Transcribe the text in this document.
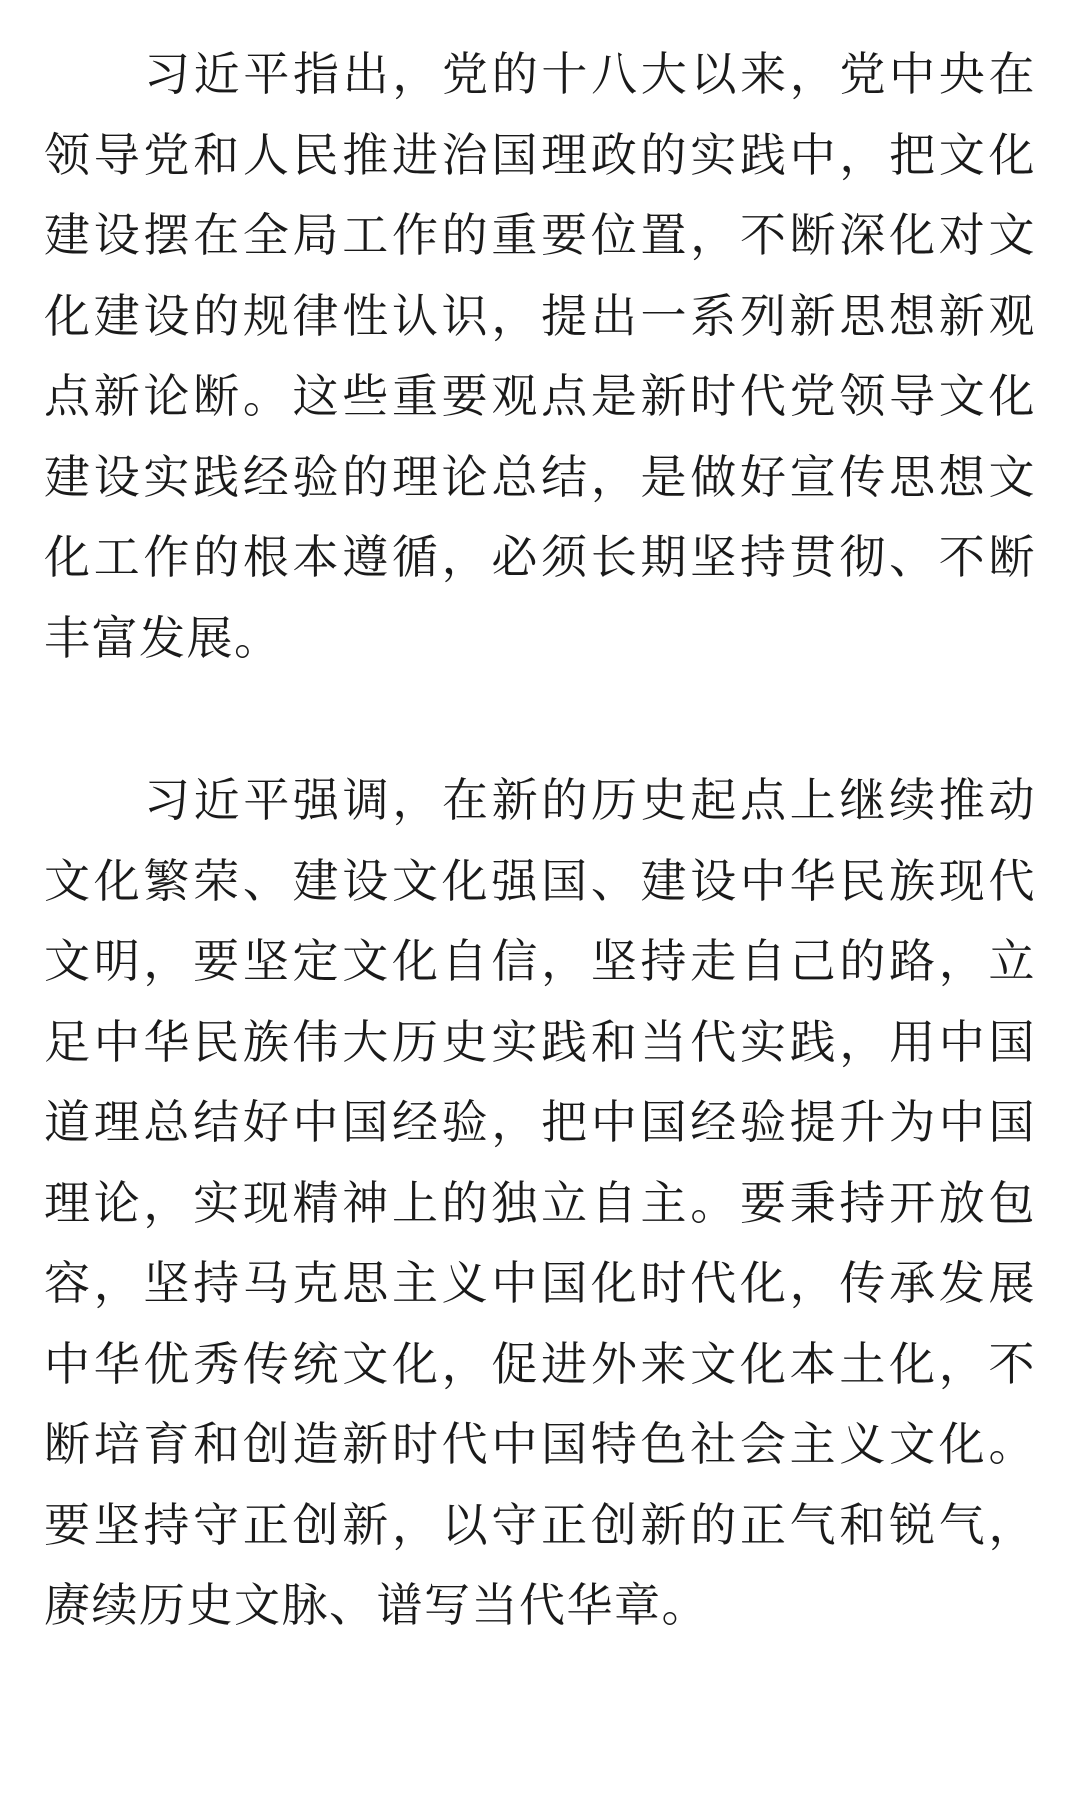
习近平指出，党的十八大以来，党中央在领导党和人民推进治国理政的实践中，把文化建设摆在全局工作的重要位置，不断深化对文化建设的规律性认识，提出一系列新思想新观点新论断。这些重要观点是新时代党领导文化建设实践经验的理论总结，是做好宣传思想文化工作的根本遵循，必须长期坚持贯彻、不断丰富发展。

习近平强调，在新的历史起点上继续推动文化繁荣、建设文化强国、建设中华民族现代文明，要坚定文化自信，坚持走自己的路，立足中华民族伟大历史实践和当代实践，用中国道理总结好中国经验，把中国经验提升为中国理论，实现精神上的独立自主。要秉持开放包容，坚持马克思主义中国化时代化，传承发展中华优秀传统文化，促进外来文化本土化，不断培育和创造新时代中国特色社会主义文化。要坚持守正创新，以守正创新的正气和锐气，赓续历史文脉、谱写当代华章。
